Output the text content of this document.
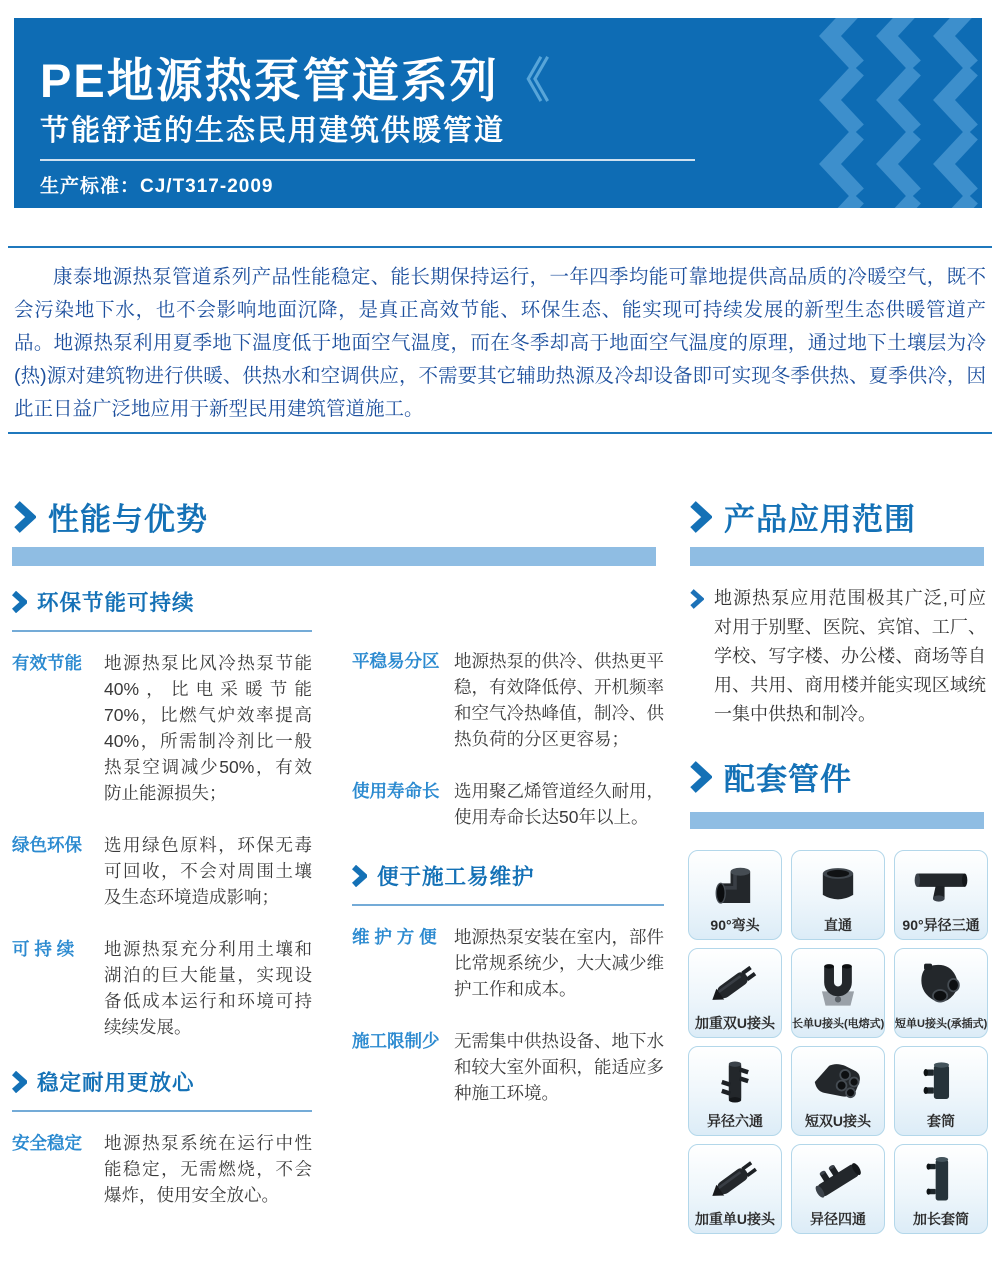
PE地源热泵管道系列《
节能舒适的生态民用建筑供暖管道
生产标准：CJ/T317-2009
康泰地源热泵管道系列产品性能稳定、能长期保持运行，一年四季均能可靠地提供高品质的冷暖空气，既不会污染地下水，也不会影响地面沉降，是真正高效节能、环保生态、能实现可持续发展的新型生态供暖管道产品。地源热泵利用夏季地下温度低于地面空气温度，而在冬季却高于地面空气温度的原理，通过地下土壤层为冷(热)源对建筑物进行供暖、供热水和空调供应，不需要其它辅助热源及冷却设备即可实现冬季供热、夏季供冷，因此正日益广泛地应用于新型民用建筑管道施工。
性能与优势
环保节能可持续
有效节能	地源热泵比风冷热泵节能40%，比电采暖节能70%，比燃气炉效率提高40%，所需制冷剂比一般热泵空调减少50%，有效防止能源损失；
绿色环保	选用绿色原料，环保无毒可回收，不会对周围土壤及生态环境造成影响；
可 持 续	地源热泵充分利用土壤和湖泊的巨大能量，实现设备低成本运行和环境可持续续发展。
稳定耐用更放心
安全稳定	地源热泵系统在运行中性能稳定，无需燃烧，不会爆炸，使用安全放心。
平稳易分区 地源热泵的供冷、供热更平稳，有效降低停、开机频率和空气冷热峰值，制冷、供热负荷的分区更容易；
使用寿命长 选用聚乙烯管道经久耐用，使用寿命长达50年以上。
便于施工易维护
维 护 方 便 地源热泵安装在室内，部件比常规系统少，大大减少维护工作和成本。
施工限制少 无需集中供热设备、地下水和较大室外面积，能适应多种施工环境。
产品应用范围
地源热泵应用范围极其广泛,可应对用于别墅、医院、宾馆、工厂、学校、写字楼、办公楼、商场等自用、共用、商用楼并能实现区域统一集中供热和制冷。
配套管件
90°弯头	直通	90°异径三通
加重双U接头	长单U接头(电熔式) 短单U接头(承插式)
异径六通	短双U接头	套筒
加重单U接头	异径四通	加长套筒
